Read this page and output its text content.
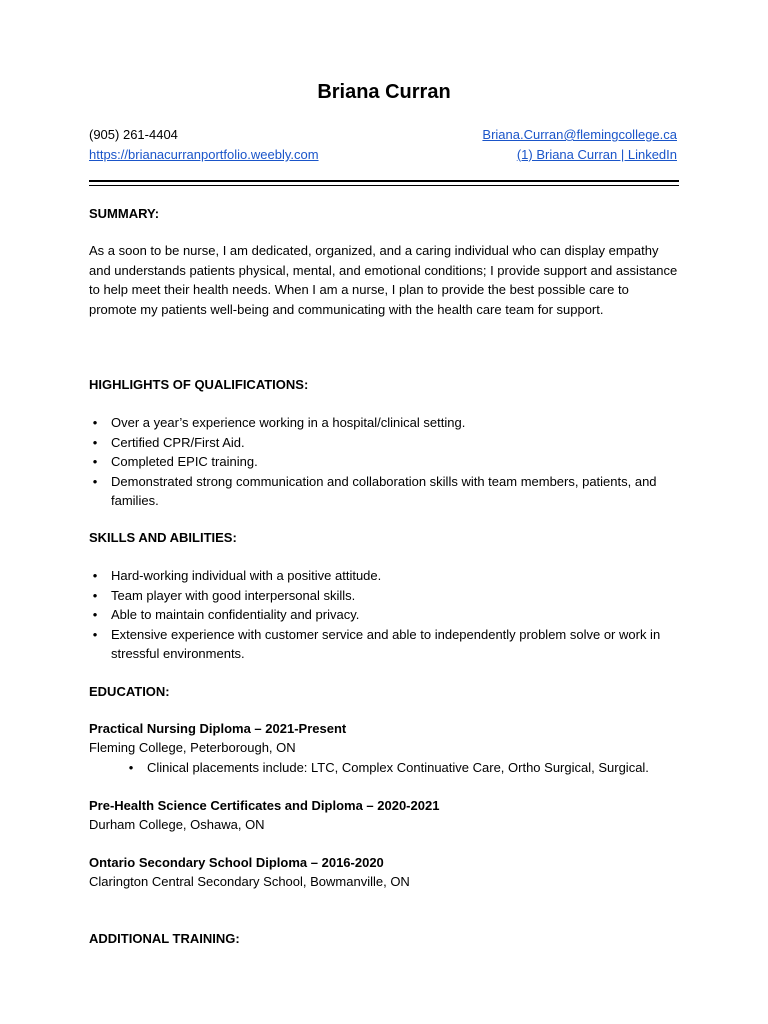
Briana Curran
(905) 261-4404	Briana.Curran@flemingcollege.ca
https://brianacurranportfolio.weebly.com	(1) Briana Curran | LinkedIn
SUMMARY:
As a soon to be nurse, I am dedicated, organized, and a caring individual who can display empathy and understands patients physical, mental, and emotional conditions; I provide support and assistance to help meet their health needs. When I am a nurse, I plan to provide the best possible care to promote my patients well-being and communicating with the health care team for support.
HIGHLIGHTS OF QUALIFICATIONS:
• Over a year’s experience working in a hospital/clinical setting.
• Certified CPR/First Aid.
• Completed EPIC training.
• Demonstrated strong communication and collaboration skills with team members, patients, and families.
SKILLS AND ABILITIES:
• Hard-working individual with a positive attitude.
• Team player with good interpersonal skills.
• Able to maintain confidentiality and privacy.
• Extensive experience with customer service and able to independently problem solve or work in stressful environments.
EDUCATION:
Practical Nursing Diploma – 2021-Present
Fleming College, Peterborough, ON
• Clinical placements include: LTC, Complex Continuative Care, Ortho Surgical, Surgical.
Pre-Health Science Certificates and Diploma – 2020-2021
Durham College, Oshawa, ON
Ontario Secondary School Diploma – 2016-2020
Clarington Central Secondary School, Bowmanville, ON
ADDITIONAL TRAINING:
